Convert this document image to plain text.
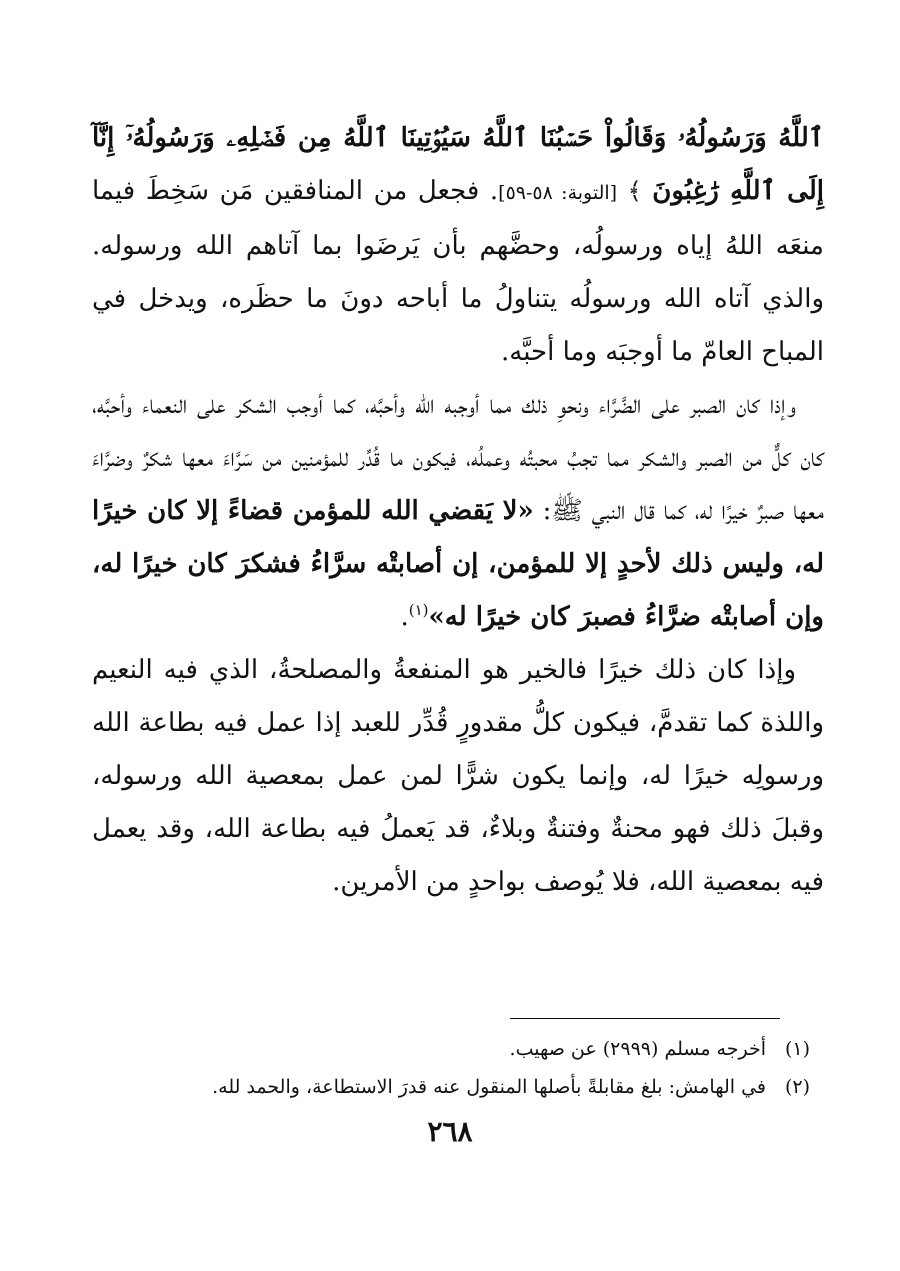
ٱللَّهُ وَرَسُولُهُۥ وَقَالُواْ حَسۡبُنَا ٱللَّهُ سَيُؤۡتِينَا ٱللَّهُ مِن فَضۡلِهِۦ وَرَسُولُهُۥٓ إِنَّآ إِلَى ٱللَّهِ رَٰغِبُونَ ﴾ [التوبة: ٥٨-٥٩]. فجعل من المنافقين مَن سَخِطَ فيما منعَه اللهُ إياه ورسولُه، وحضَّهم بأن يَرضَوا بما آتاهم الله ورسوله. والذي آتاه الله ورسولُه يتناولُ ما أباحه دونَ ما حظَره، ويدخل في المباح العامّ ما أوجبَه وما أحبَّه.

وإذا كان الصبر على الضَّرَّاء ونحوِ ذلك مما أوجبه الله وأحبَّه، كما أوجب الشكر على النعماء وأحبَّه، كان كلٌّ من الصبر والشكر مما تجبُ محبتُه وعملُه، فيكون ما قُدِّر للمؤمنين من سَرَّاءَ معها شكرٌ وضرَّاءَ معها صبرٌ خيرًا له، كما قال النبي ﷺ: «لا يَقضي الله للمؤمن قضاءً إلا كان خيرًا له، وليس ذلك لأحدٍ إلا للمؤمن، إن أصابتْه سرَّاءُ فشكرَ كان خيرًا له، وإن أصابتْه ضرَّاءُ فصبرَ كان خيرًا له»$^{(١)}$.

وإذا كان ذلك خيرًا فالخير هو المنفعةُ والمصلحةُ، الذي فيه النعيم واللذة كما تقدمَّ، فيكون كلُّ مقدورٍ قُدِّر للعبد إذا عمل فيه بطاعة الله ورسولِه خيرًا له، وإنما يكون شرًّا لمن عمل بمعصية الله ورسوله، وقبلَ ذلك فهو محنةٌ وفتنةٌ وبلاءٌ، قد يَعملُ فيه بطاعة الله، وقد يعمل فيه بمعصية الله، فلا يُوصف بواحدٍ من الأمرين.

(١)أخرجه مسلم (٢٩٩٩) عن صهيب.

(٢)في الهامش: بلغ مقابلةً بأصلها المنقول عنه قدرَ الاستطاعة، والحمد لله.

٢٦٨
